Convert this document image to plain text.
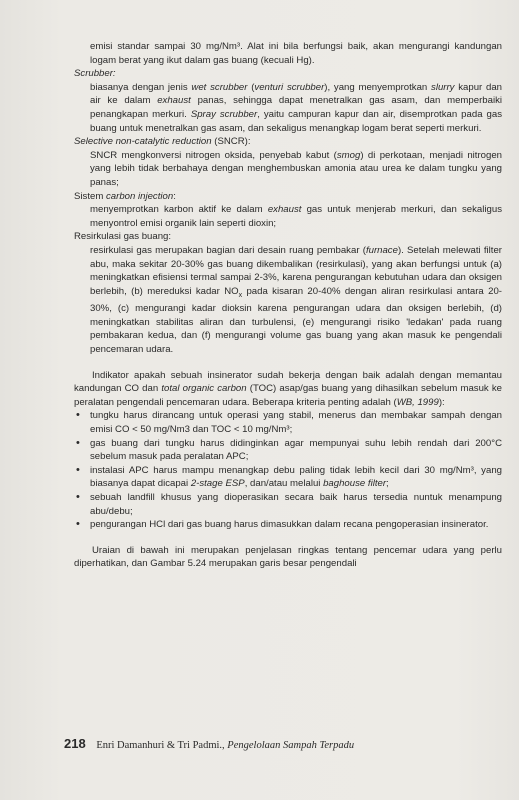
emisi standar sampai 30 mg/Nm³. Alat ini bila berfungsi baik, akan mengurangi kandungan logam berat yang ikut dalam gas buang (kecuali Hg).

Scrubber:

biasanya dengan jenis wet scrubber (venturi scrubber), yang menyemprotkan slurry kapur dan air ke dalam exhaust panas, sehingga dapat menetralkan gas asam, dan memperbaiki penangkapan merkuri. Spray scrubber, yaitu campuran kapur dan air, disemprotkan pada gas buang untuk menetralkan gas asam, dan sekaligus menangkap logam berat seperti merkuri.

Selective non-catalytic reduction (SNCR):

SNCR mengkonversi nitrogen oksida, penyebab kabut (smog) di perkotaan, menjadi nitrogen yang lebih tidak berbahaya dengan menghembuskan amonia atau urea ke dalam tungku yang panas;

Sistem carbon injection:

menyemprotkan karbon aktif ke dalam exhaust gas untuk menjerab merkuri, dan sekaligus menyontrol emisi organik lain seperti dioxin;

Resirkulasi gas buang:

resirkulasi gas merupakan bagian dari desain ruang pembakar (furnace). Setelah melewati filter abu, maka sekitar 20-30% gas buang dikembalikan (resirkulasi), yang akan berfungsi untuk (a) meningkatkan efisiensi termal sampai 2-3%, karena pengurangan kebutuhan udara dan oksigen berlebih, (b) mereduksi kadar $NO_x$ pada kisaran 20-40% dengan aliran resirkulasi antara 20-30%, (c) mengurangi kadar dioksin karena pengurangan udara dan oksigen berlebih, (d) meningkatkan stabilitas aliran dan turbulensi, (e) mengurangi risiko 'ledakan' pada ruang pembakaran kedua, dan (f) mengurangi volume gas buang yang akan masuk ke pengendali pencemaran udara.

Indikator apakah sebuah insinerator sudah bekerja dengan baik adalah dengan memantau kandungan CO dan total organic carbon (TOC) asap/gas buang yang dihasilkan sebelum masuk ke peralatan pengendali pencemaran udara. Beberapa kriteria penting adalah (WB, 1999):

• tungku harus dirancang untuk operasi yang stabil, menerus dan membakar sampah dengan emisi CO < 50 mg/Nm3 dan TOC < 10 mg/Nm³;
• gas buang dari tungku harus didinginkan agar mempunyai suhu lebih rendah dari 200°C sebelum masuk pada peralatan APC;
• instalasi APC harus mampu menangkap debu paling tidak lebih kecil dari 30 mg/Nm³, yang biasanya dapat dicapai 2-stage ESP, dan/atau melalui baghouse filter;
• sebuah landfill khusus yang dioperasikan secara baik harus tersedia nuntuk menampung abu/debu;
• pengurangan HCl dari gas buang harus dimasukkan dalam recana pengoperasian insinerator.

Uraian di bawah ini merupakan penjelasan ringkas tentang pencemar udara yang perlu diperhatikan, dan Gambar 5.24 merupakan garis besar pengendali

218 Enri Damanhuri & Tri Padmi., Pengelolaan Sampah Terpadu
